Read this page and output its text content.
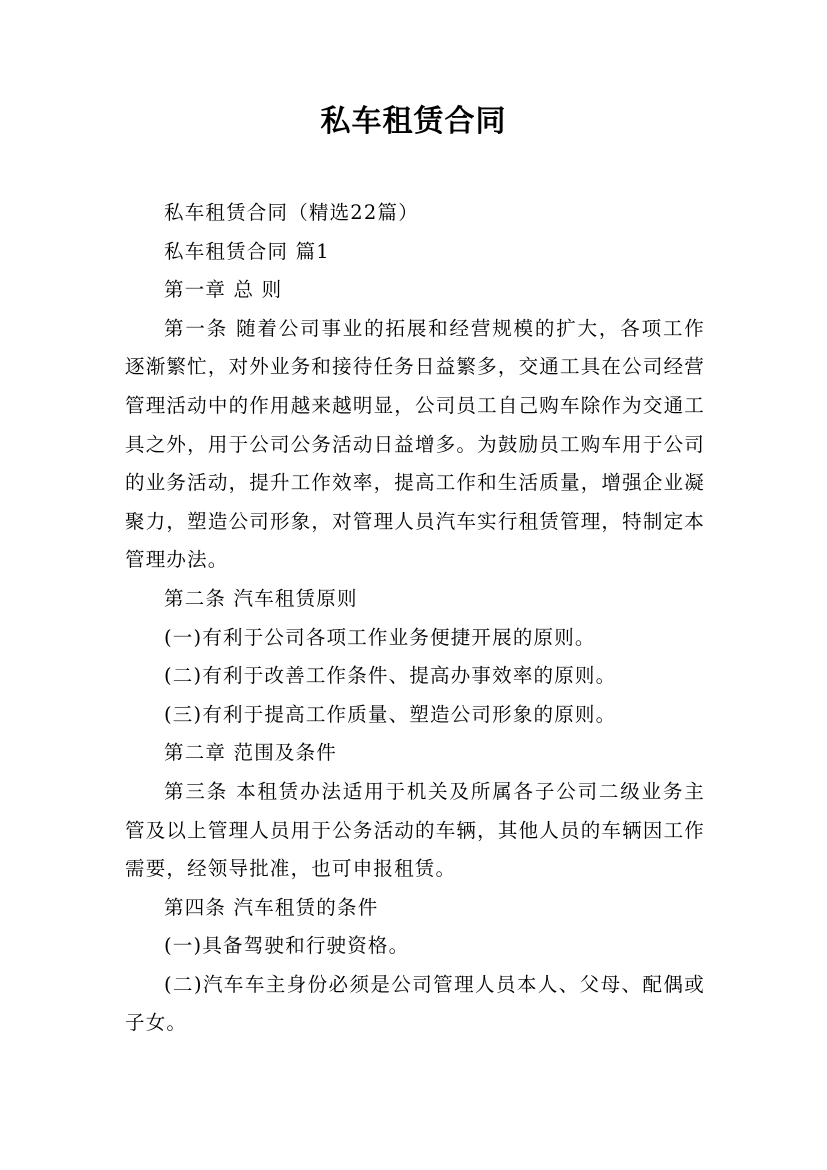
私车租赁合同

私车租赁合同（精选22篇）

私车租赁合同 篇1

第一章 总 则

第一条 随着公司事业的拓展和经营规模的扩大，各项工作逐渐繁忙，对外业务和接待任务日益繁多，交通工具在公司经营管理活动中的作用越来越明显，公司员工自己购车除作为交通工具之外，用于公司公务活动日益增多。为鼓励员工购车用于公司的业务活动，提升工作效率，提高工作和生活质量，增强企业凝聚力，塑造公司形象，对管理人员汽车实行租赁管理，特制定本管理办法。

第二条 汽车租赁原则

(一)有利于公司各项工作业务便捷开展的原则。

(二)有利于改善工作条件、提高办事效率的原则。

(三)有利于提高工作质量、塑造公司形象的原则。

第二章 范围及条件

第三条 本租赁办法适用于机关及所属各子公司二级业务主管及以上管理人员用于公务活动的车辆，其他人员的车辆因工作需要，经领导批准，也可申报租赁。

第四条 汽车租赁的条件

(一)具备驾驶和行驶资格。

(二)汽车车主身份必须是公司管理人员本人、父母、配偶或子女。
